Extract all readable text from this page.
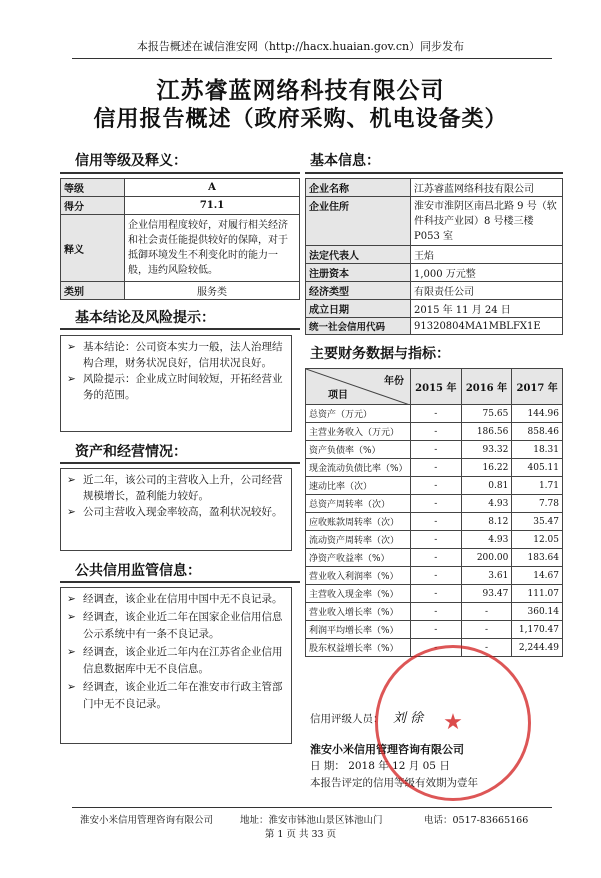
本报告概述在诚信淮安网（http://hacx.huaian.gov.cn）同步发布
江苏睿蓝网络科技有限公司
信用报告概述（政府采购、机电设备类）
信用等级及释义：
等级	A
得分	71.1
释义	企业信用程度较好，对履行相关经济和社会责任能提供较好的保障，对于抵御环境发生不利变化时的能力一般，违约风险较低。
类别	服务类
基本结论及风险提示：
➢ 基本结论：公司资本实力一般，法人治理结构合理，财务状况良好，信用状况良好。
➢ 风险提示：企业成立时间较短，开拓经营业务的范围。
资产和经营情况：
➢ 近二年，该公司的主营收入上升，公司经营规模增长，盈利能力较好。
➢ 公司主营收入现金率较高，盈利状况较好。
公共信用监管信息：
➢ 经调查，该企业在信用中国中无不良记录。
➢ 经调查，该企业近二年在国家企业信用信息公示系统中有一条不良记录。
➢ 经调查，该企业近二年内在江苏省企业信用信息数据库中无不良信息。
➢ 经调查，该企业近二年在淮安市行政主管部门中无不良记录。
基本信息：
企业名称	江苏睿蓝网络科技有限公司
企业住所	淮安市淮阴区南昌北路 9 号（软件科技产业园）8 号楼三楼 P053 室
法定代表人	王焰
注册资本	1,000 万元整
经济类型	有限责任公司
成立日期	2015 年 11 月 24 日
统一社会信用代码	91320804MA1MBLFX1E
主要财务数据与指标：
年份
项目	2015 年	2016 年	2017 年
总资产（万元）	-	75.65	144.96
主营业务收入（万元）	-	186.56	858.46
资产负债率（%）	-	93.32	18.31
现金流动负债比率（%）	-	16.22	405.11
速动比率（次）	-	0.81	1.71
总资产周转率（次）	-	4.93	7.78
应收账款周转率（次）	-	8.12	35.47
流动资产周转率（次）	-	4.93	12.05
净资产收益率（%）	-	200.00	183.64
营业收入利润率（%）	-	3.61	14.67
主营收入现金率（%）	-	93.47	111.07
营业收入增长率（%）	-	-	360.14
利润平均增长率（%）	-	-	1,170.47
股东权益增长率（%）	-	-	2,244.49
信用评级人员： 刘 徐
淮安小米信用管理咨询有限公司
日 期： 2018 年 12 月 05 日
本报告评定的信用等级有效期为壹年
★
淮安小米信用管理咨询有限公司	地址：淮安市钵池山景区钵池山门	电话：0517-83665166
第 1 页 共 33 页
